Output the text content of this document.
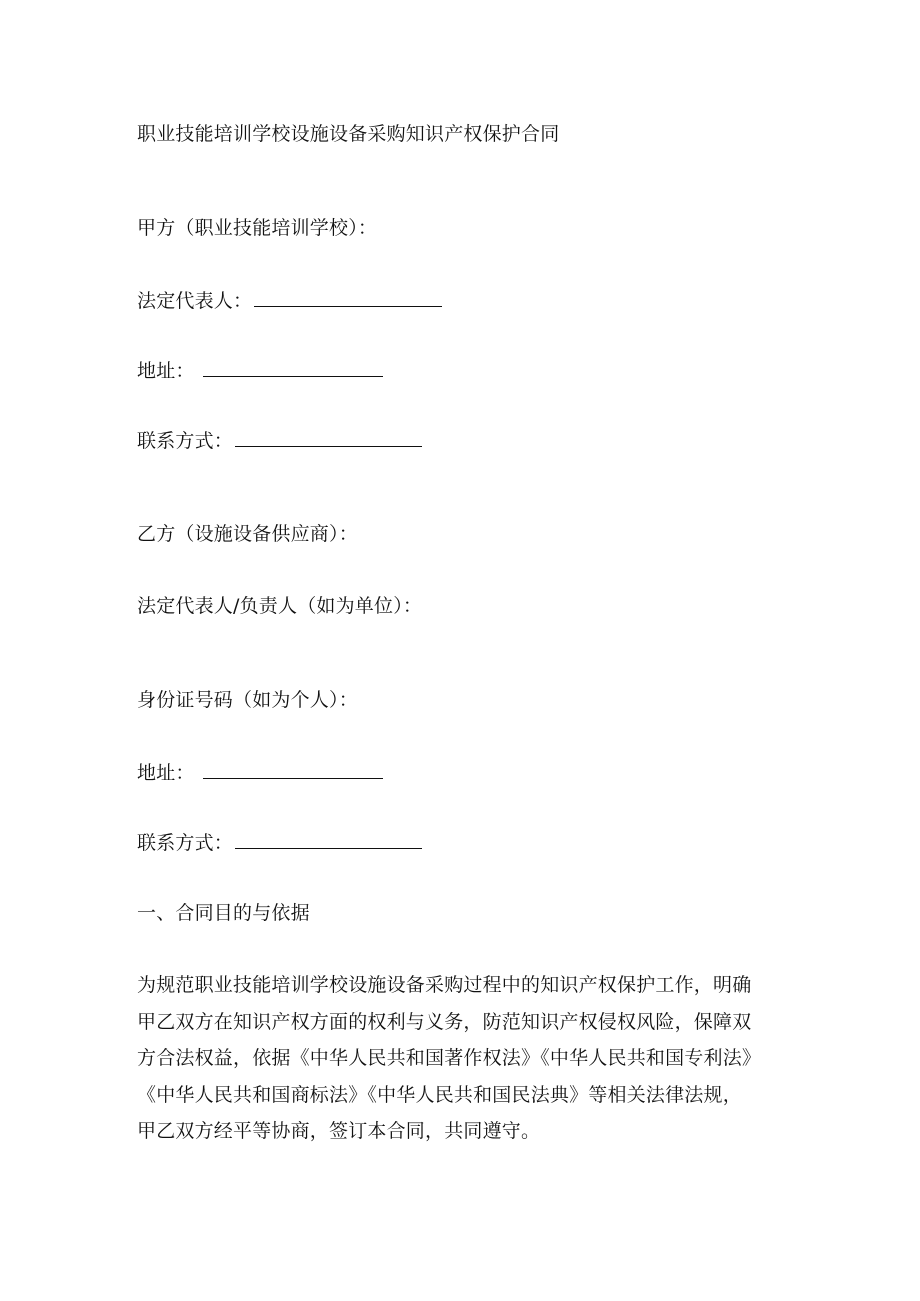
职业技能培训学校设施设备采购知识产权保护合同
甲方（职业技能培训学校）：
法定代表人：
地址：
联系方式：
乙方（设施设备供应商）：
法定代表人/负责人（如为单位）：
身份证号码（如为个人）：
地址：
联系方式：
一、合同目的与依据
为规范职业技能培训学校设施设备采购过程中的知识产权保护工作，明确
甲乙双方在知识产权方面的权利与义务，防范知识产权侵权风险，保障双
方合法权益，依据《中华人民共和国著作权法》《中华人民共和国专利法》
《中华人民共和国商标法》《中华人民共和国民法典》等相关法律法规，
甲乙双方经平等协商，签订本合同，共同遵守。
